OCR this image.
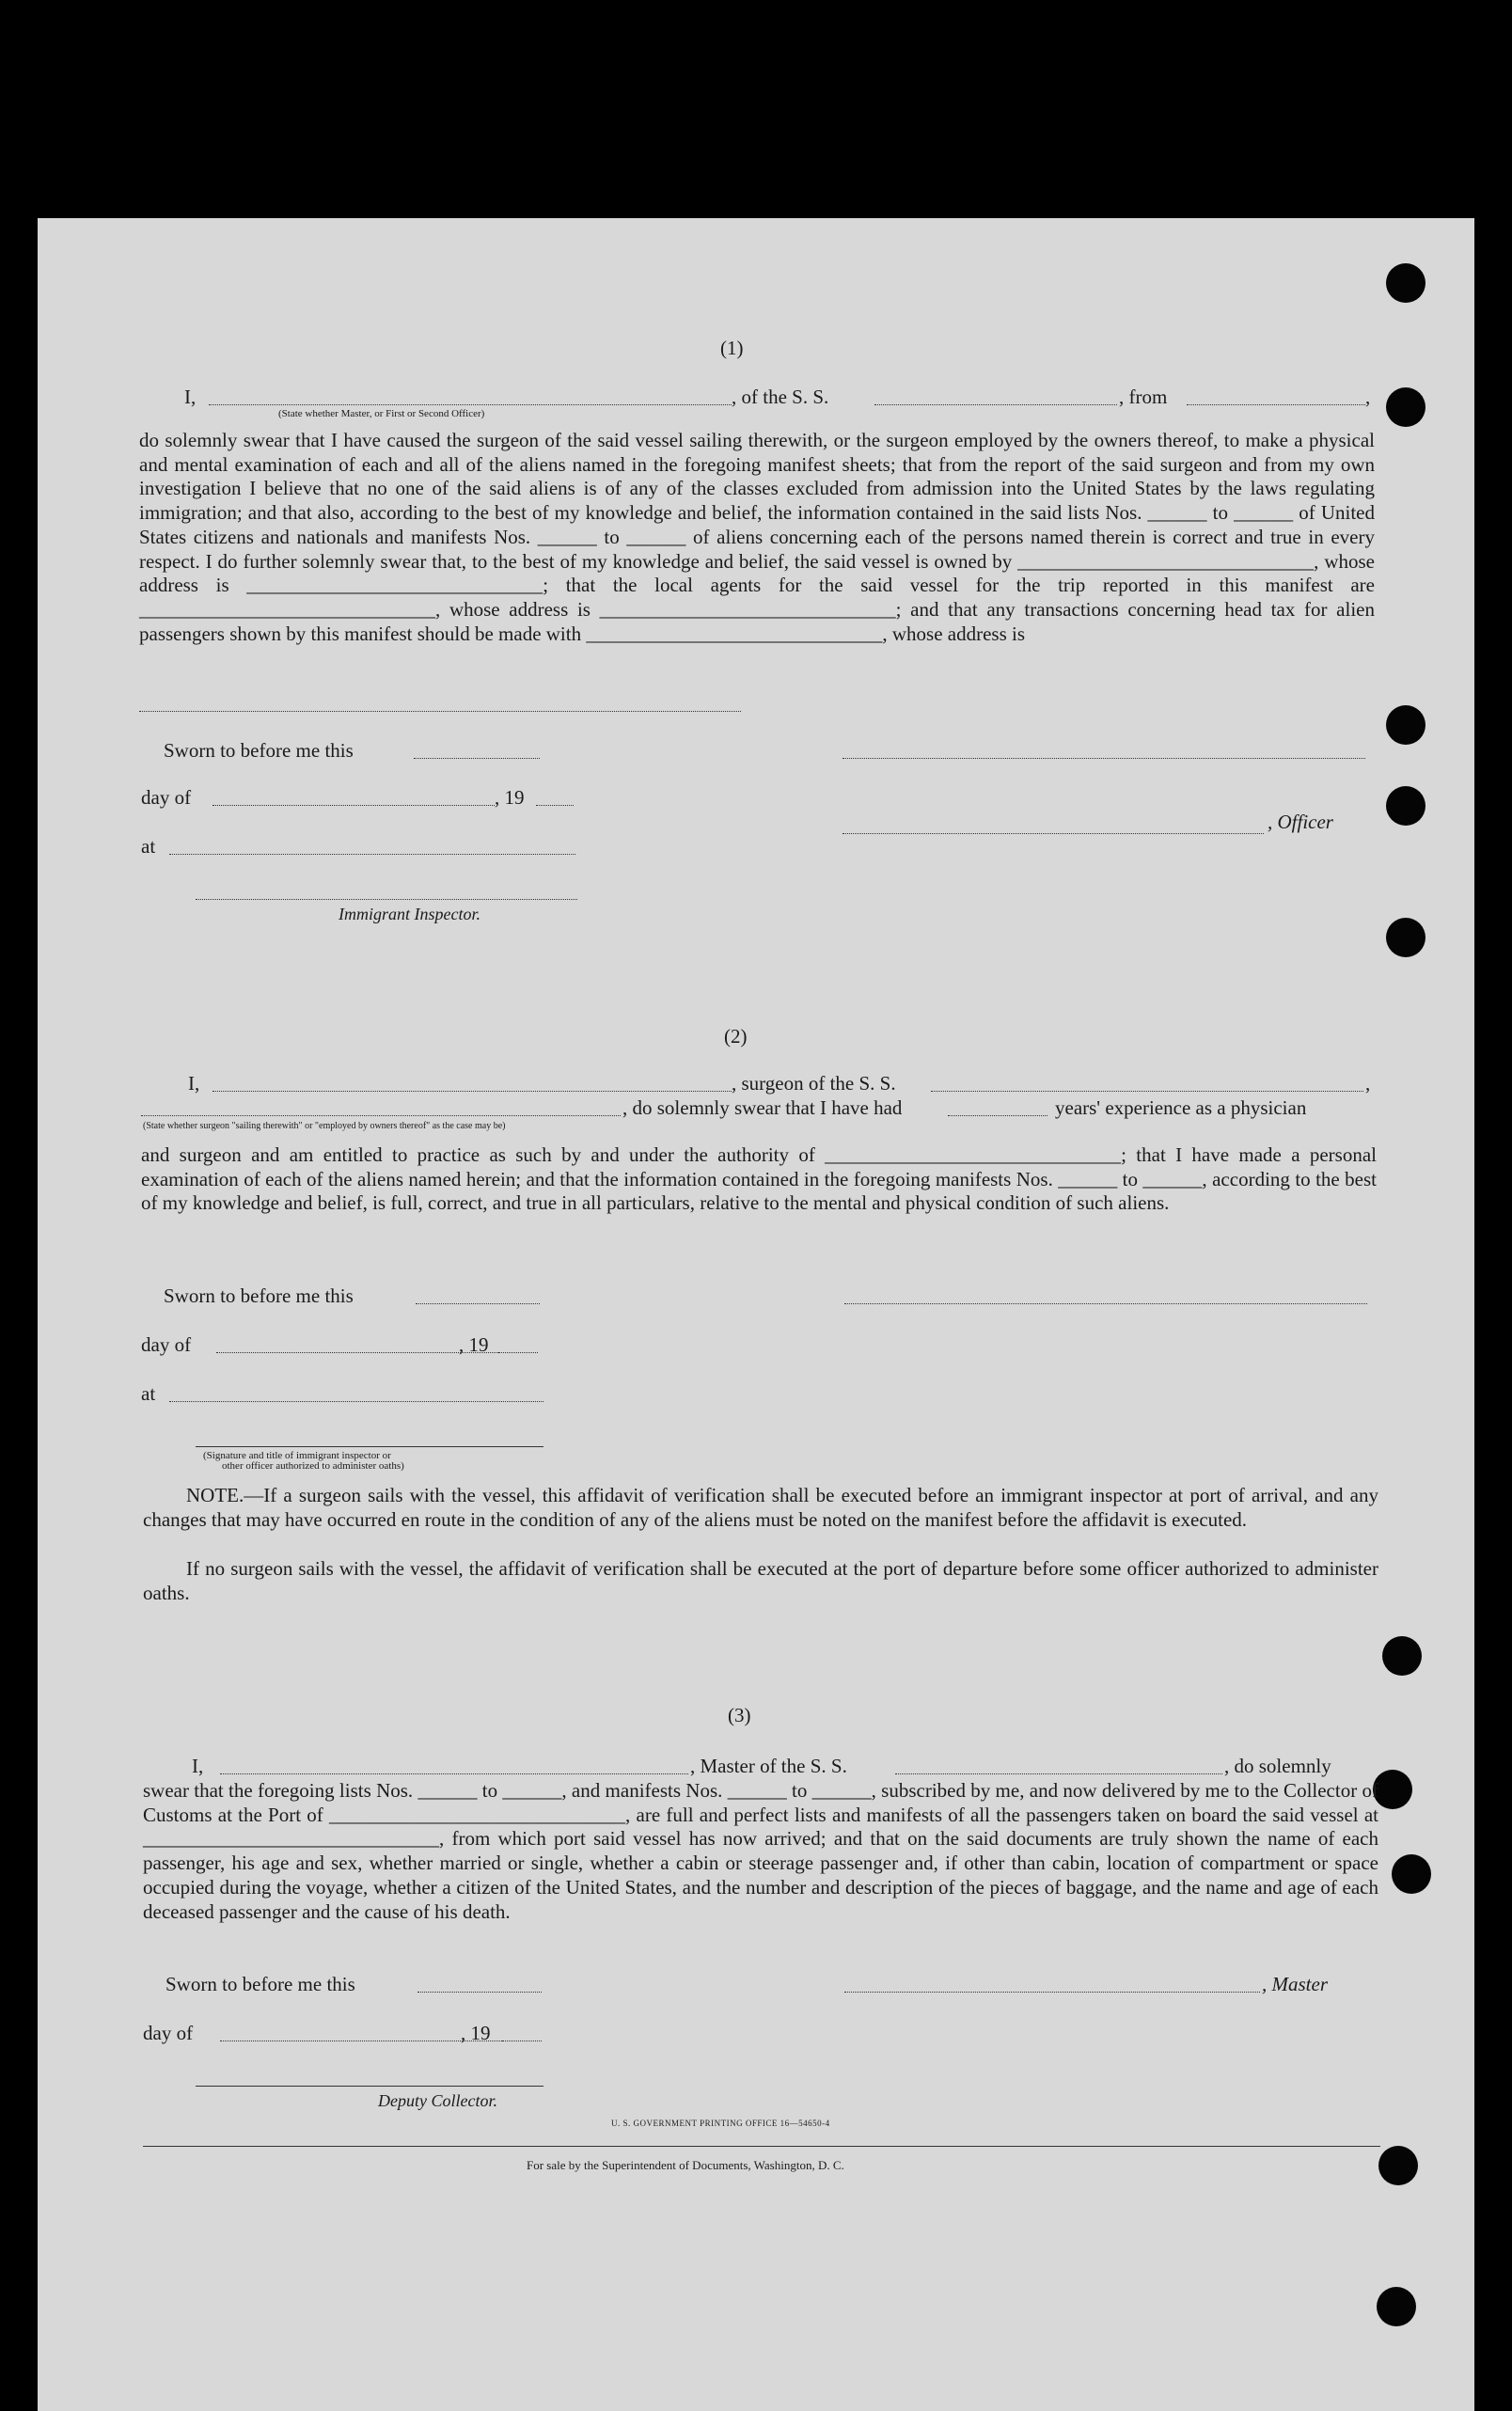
(1)
I,	, of the S. S.	, from	,
(State whether Master, or First or Second Officer)
do solemnly swear that I have caused the surgeon of the said vessel sailing therewith, or the surgeon employed by the owners thereof, to make a physical and mental examination of each and all of the aliens named in the foregoing manifest sheets; that from the report of the said surgeon and from my own investigation I believe that no one of the said aliens is of any of the classes excluded from admission into the United States by the laws regulating immigration; and that also, according to the best of my knowledge and belief, the information contained in the said lists Nos. ______ to ______ of United States citizens and nationals and manifests Nos. ______ to ______ of aliens concerning each of the persons named therein is correct and true in every respect. I do further solemnly swear that, to the best of my knowledge and belief, the said vessel is owned by ______________________________, whose address is ______________________________; that the local agents for the said vessel for the trip reported in this manifest are ______________________________, whose address is ______________________________; and that any transactions concerning head tax for alien passengers shown by this manifest should be made with ______________________________, whose address is
Sworn to before me this
day of	, 19
, Officer
at
Immigrant Inspector.
(2)
I,	, surgeon of the S. S.	,
, do solemnly swear that I have had	years' experience as a physician
(State whether surgeon "sailing therewith" or "employed by owners thereof" as the case may be)
and surgeon and am entitled to practice as such by and under the authority of ______________________________; that I have made a personal examination of each of the aliens named herein; and that the information contained in the foregoing manifests Nos. ______ to ______, according to the best of my knowledge and belief, is full, correct, and true in all particulars, relative to the mental and physical condition of such aliens.
Sworn to before me this
day of	, 19
at
(Signature and title of immigrant inspector or
other officer authorized to administer oaths)
NOTE.—If a surgeon sails with the vessel, this affidavit of verification shall be executed before an immigrant inspector at port of arrival, and any changes that may have occurred en route in the condition of any of the aliens must be noted on the manifest before the affidavit is executed.
If no surgeon sails with the vessel, the affidavit of verification shall be executed at the port of departure before some officer authorized to administer oaths.
(3)
I,	, Master of the S. S.	, do solemnly
swear that the foregoing lists Nos. ______ to ______, and manifests Nos. ______ to ______, subscribed by me, and now delivered by me to the Collector of Customs at the Port of ______________________________, are full and perfect lists and manifests of all the passengers taken on board the said vessel at ______________________________, from which port said vessel has now arrived; and that on the said documents are truly shown the name of each passenger, his age and sex, whether married or single, whether a cabin or steerage passenger and, if other than cabin, location of compartment or space occupied during the voyage, whether a citizen of the United States, and the number and description of the pieces of baggage, and the name and age of each deceased passenger and the cause of his death.
Sworn to before me this	, Master
day of	, 19
Deputy Collector.
U. S. GOVERNMENT PRINTING OFFICE 16—54650-4
For sale by the Superintendent of Documents, Washington, D. C.
